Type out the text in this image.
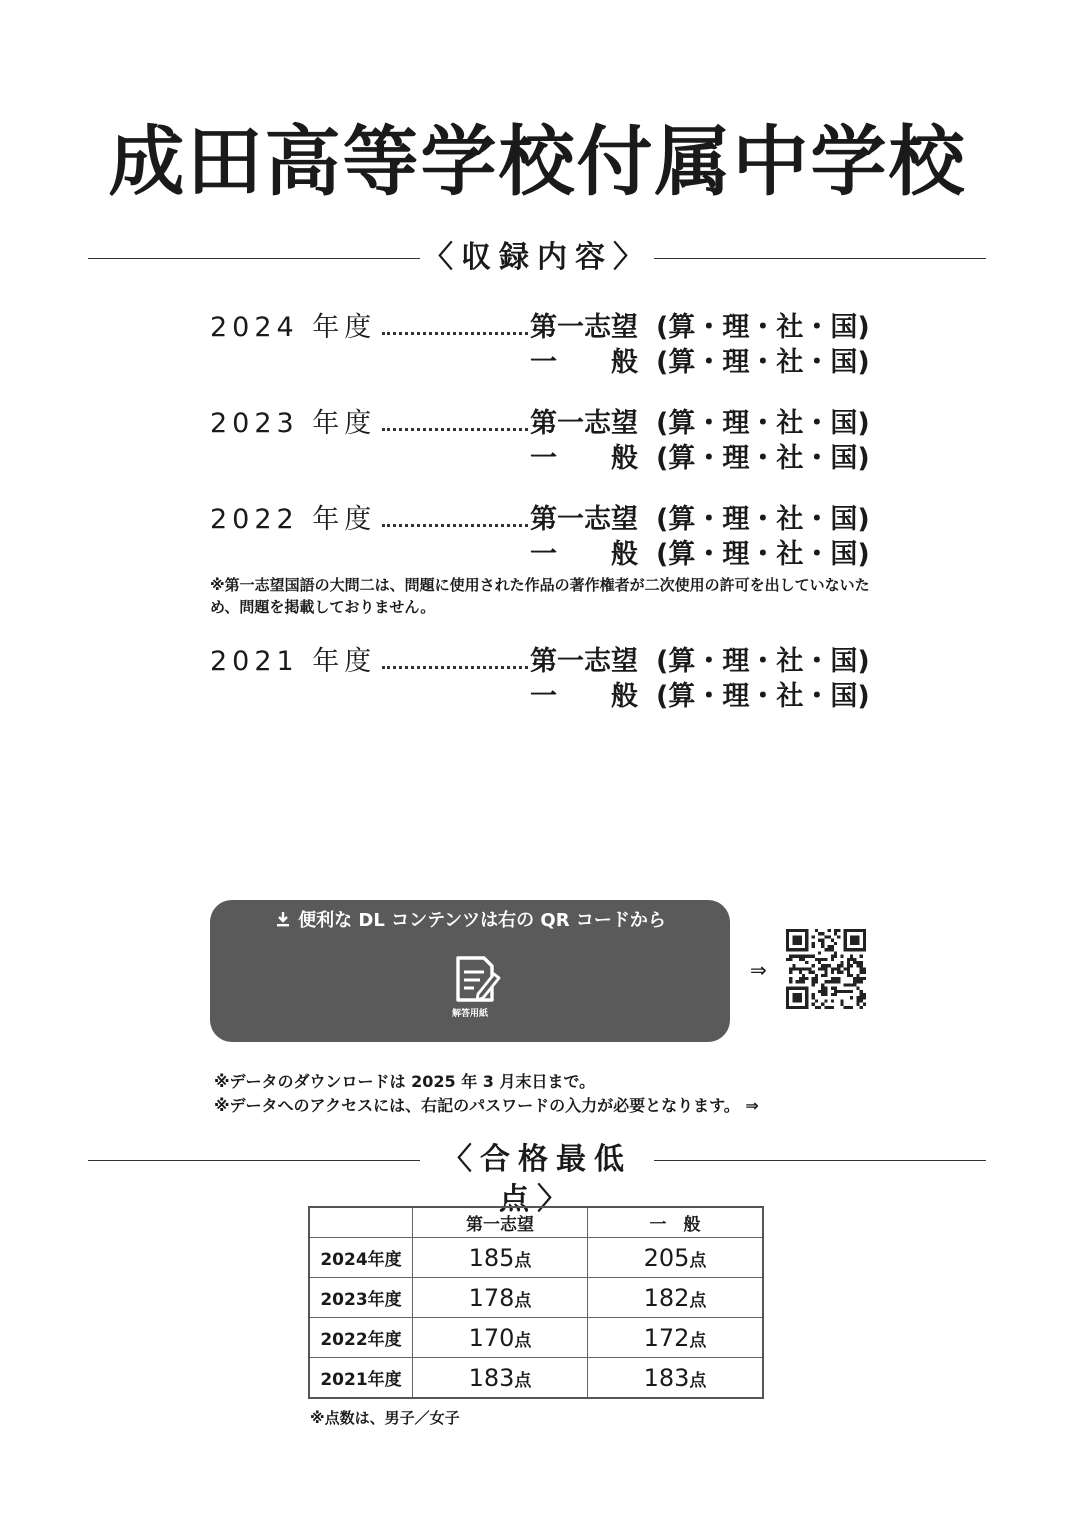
成田高等学校付属中学校
〈収録内容〉
2024 年度	第一志望 (算・理・社・国)
一　　般 (算・理・社・国)
2023 年度	第一志望 (算・理・社・国)
一　　般 (算・理・社・国)
2022 年度	第一志望 (算・理・社・国)
一　　般 (算・理・社・国)
※第一志望国語の大問二は、問題に使用された作品の著作権者が二次使用の許可を出していないため、問題を掲載しておりません。
2021 年度	第一志望 (算・理・社・国)
一　　般 (算・理・社・国)
便利な DL コンテンツは右の QR コードから
解答用紙
⇒
※データのダウンロードは 2025 年 3 月末日まで。
※データへのアクセスには、右記のパスワードの入力が必要となります。 ⇒
〈合格最低点〉
	第一志望	一　般
2024年度	185点	205点
2023年度	178点	182点
2022年度	170点	172点
2021年度	183点	183点
※点数は、男子／女子
